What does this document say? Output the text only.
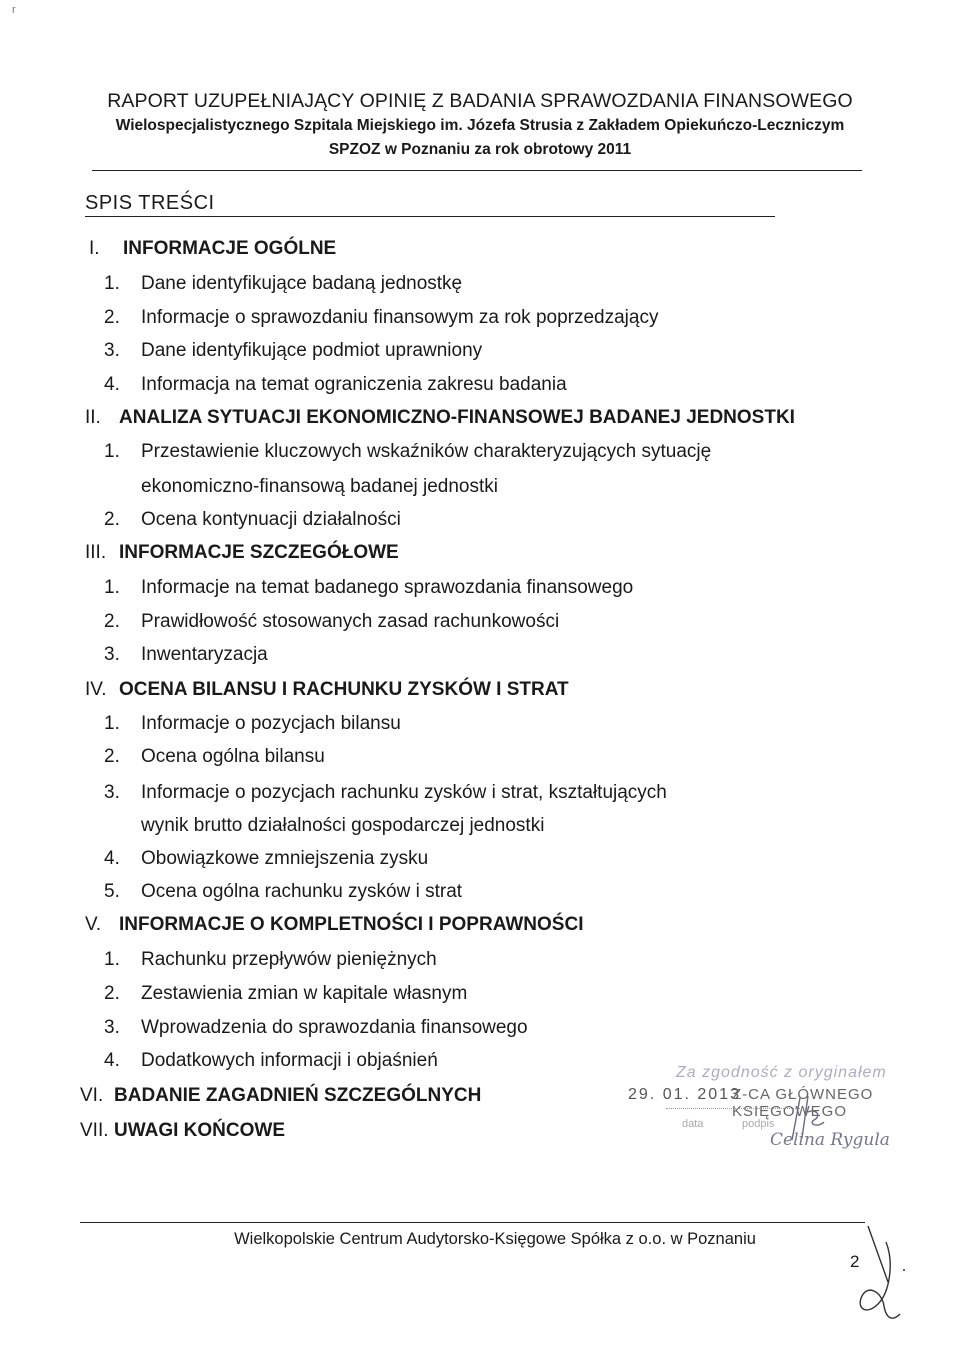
r
RAPORT UZUPEŁNIAJĄCY OPINIĘ Z BADANIA SPRAWOZDANIA FINANSOWEGO
Wielospecjalistycznego Szpitala Miejskiego im. Józefa Strusia z Zakładem Opiekuńczo-Leczniczym
SPZOZ w Poznaniu za rok obrotowy 2011
SPIS TREŚCI
I. INFORMACJE OGÓLNE
1. Dane identyfikujące badaną jednostkę
2. Informacje o sprawozdaniu finansowym za rok poprzedzający
3. Dane identyfikujące podmiot uprawniony
4. Informacja na temat ograniczenia zakresu badania
II. ANALIZA SYTUACJI EKONOMICZNO-FINANSOWEJ BADANEJ JEDNOSTKI
1. Przestawienie kluczowych wskaźników charakteryzujących sytuację
ekonomiczno-finansową badanej jednostki
2. Ocena kontynuacji działalności
III. INFORMACJE SZCZEGÓŁOWE
1. Informacje na temat badanego sprawozdania finansowego
2. Prawidłowość stosowanych zasad rachunkowości
3. Inwentaryzacja
IV. OCENA BILANSU I RACHUNKU ZYSKÓW I STRAT
1. Informacje o pozycjach bilansu
2. Ocena ogólna bilansu
3. Informacje o pozycjach rachunku zysków i strat, kształtujących
wynik brutto działalności gospodarczej jednostki
4. Obowiązkowe zmniejszenia zysku
5. Ocena ogólna rachunku zysków i strat
V. INFORMACJE O KOMPLETNOŚCI I POPRAWNOŚCI
1. Rachunku przepływów pieniężnych
2. Zestawienia zmian w kapitale własnym
3. Wprowadzenia do sprawozdania finansowego
4. Dodatkowych informacji i objaśnień
VI. BADANIE ZAGADNIEŃ SZCZEGÓLNYCH
VII. UWAGI KOŃCOWE
Za zgodność z oryginałem
29. 01. 2013
Z-CA GŁÓWNEGO KSIĘGOWEGO
data	podpis
Celina Rygula
Wielkopolskie Centrum Audytorsko-Księgowe Spółka z o.o. w Poznaniu
2
